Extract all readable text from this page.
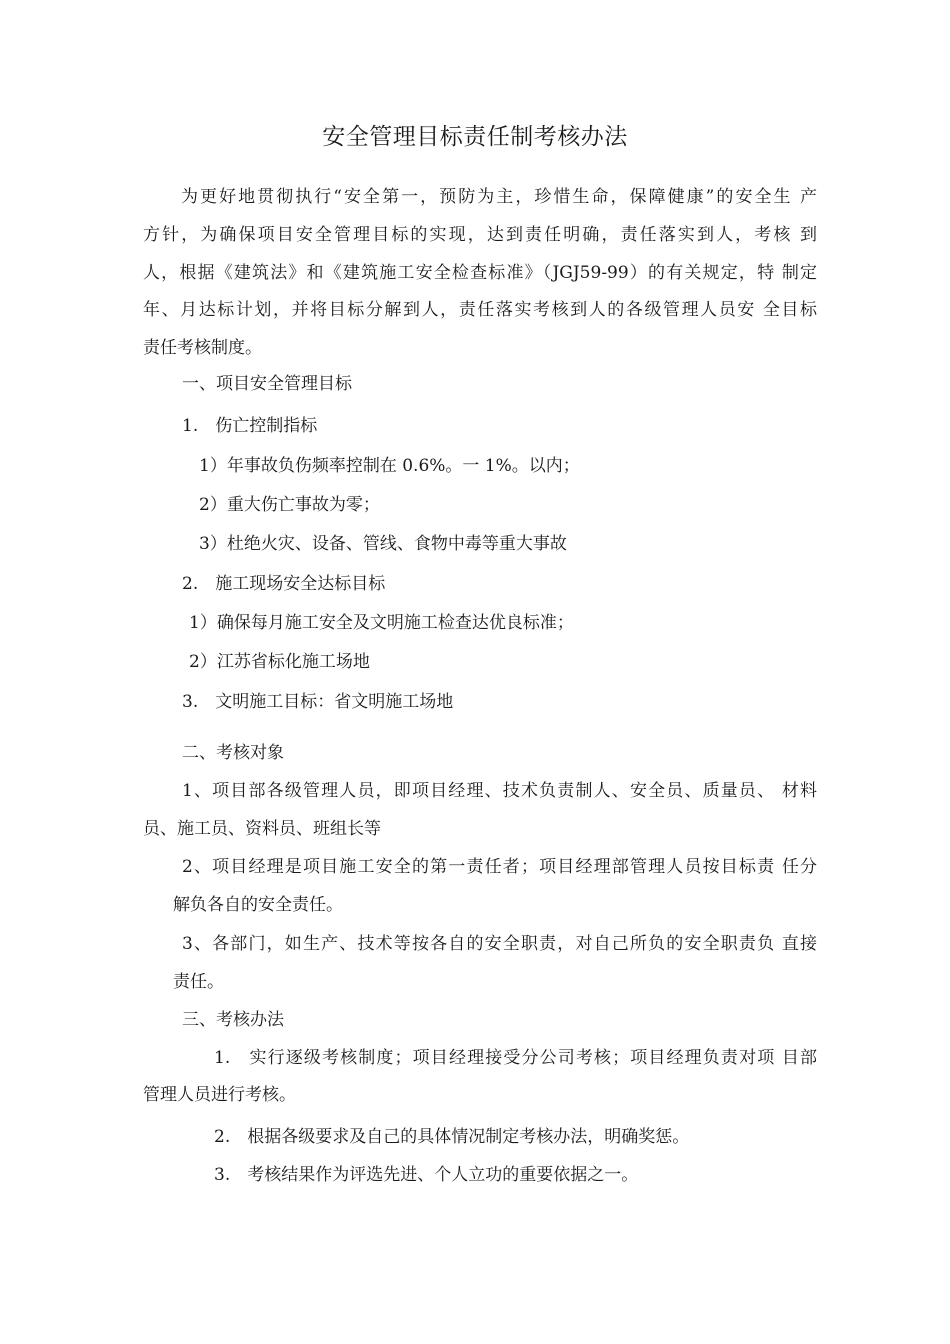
安全管理目标责任制考核办法
为更好地贯彻执行“安全第一，预防为主，珍惜生命，保障健康”的安全生 产
方针，为确保项目安全管理目标的实现，达到责任明确，责任落实到人，考核 到
人，根据《建筑法》和《建筑施工安全检查标准》（JGJ59-99）的有关规定，特 制定
年、月达标计划，并将目标分解到人，责任落实考核到人的各级管理人员安 全目标
责任考核制度。
一、项目安全管理目标
1.　伤亡控制指标
1）年事故负伤频率控制在 0.6%。一 1%。以内；
2）重大伤亡事故为零；
3）杜绝火灾、设备、管线、食物中毒等重大事故
2.　施工现场安全达标目标
1）确保每月施工安全及文明施工检查达优良标准；
2）江苏省标化施工场地
3.　文明施工目标：省文明施工场地
二、考核对象
1、项目部各级管理人员，即项目经理、技术负责制人、安全员、质量员、 材料
员、施工员、资料员、班组长等
2、项目经理是项目施工安全的第一责任者；项目经理部管理人员按目标责 任分
解负各自的安全责任。
3、各部门，如生产、技术等按各自的安全职责，对自己所负的安全职责负 直接
责任。
三、考核办法
1.　实行逐级考核制度；项目经理接受分公司考核；项目经理负责对项 目部
管理人员进行考核。
2.　根据各级要求及自己的具体情况制定考核办法，明确奖惩。
3.　考核结果作为评选先进、个人立功的重要依据之一。
